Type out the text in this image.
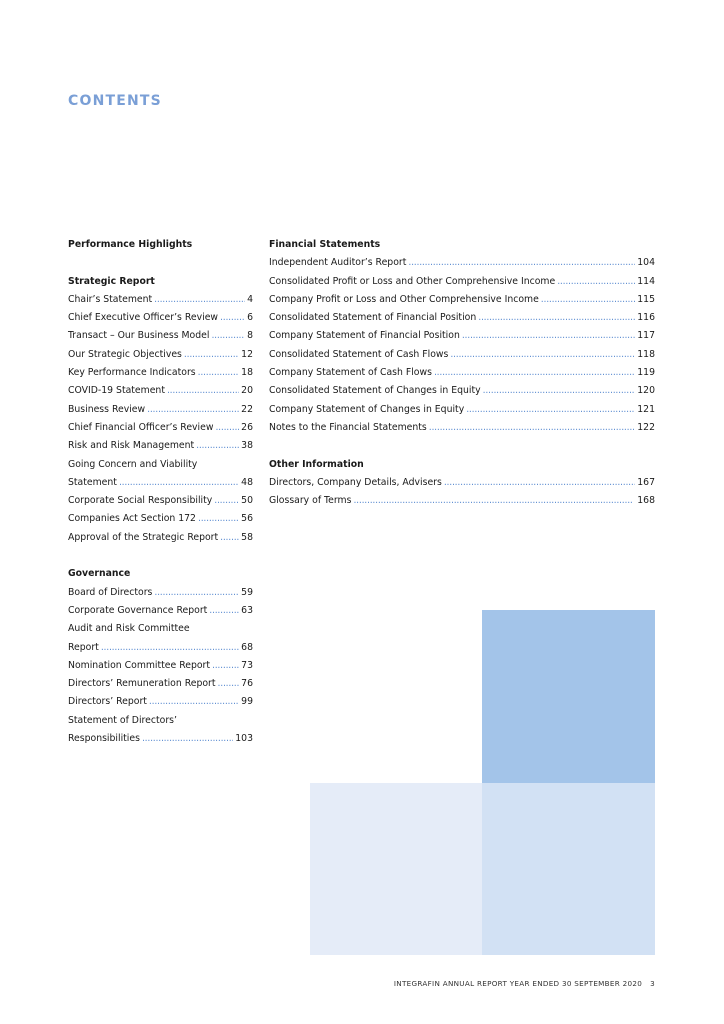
CONTENTS
Performance Highlights
Strategic Report
Chair’s Statement . . .	4
Chief Executive Officer’s Review . . .	6
Transact – Our Business Model . . .	8
Our Strategic Objectives . . .	12
Key Performance Indicators . . .	18
COVID-19 Statement . . .	20
Business Review . . .	22
Chief Financial Officer’s Review . . .	26
Risk and Risk Management . . .	38
Going Concern and Viability
Statement . . .	48
Corporate Social Responsibility . . .	50
Companies Act Section 172 . . .	56
Approval of the Strategic Report . . . 58
Governance
Board of Directors . . .	59
Corporate Governance Report . . .	63
Audit and Risk Committee
Report . . .	68
Nomination Committee Report . . .	73
Directors’ Remuneration Report . . .	76
Directors’ Report . . .	99
Statement of Directors’
Responsibilities . . .	103
Financial Statements
Independent Auditor’s Report . . .	104
Consolidated Profit or Loss and Other Comprehensive Income . . .	114
Company Profit or Loss and Other Comprehensive Income . . .	115
Consolidated Statement of Financial Position . . .	116
Company Statement of Financial Position . . .	117
Consolidated Statement of Cash Flows . . .	118
Company Statement of Cash Flows . . .	119
Consolidated Statement of Changes in Equity . . .	120
Company Statement of Changes in Equity . . .	121
Notes to the Financial Statements . . .	122
Other Information
Directors, Company Details, Advisers . . .	167
Glossary of Terms . . .	168
INTEGRAFIN ANNUAL REPORT YEAR ENDED 30 SEPTEMBER 2020 3
